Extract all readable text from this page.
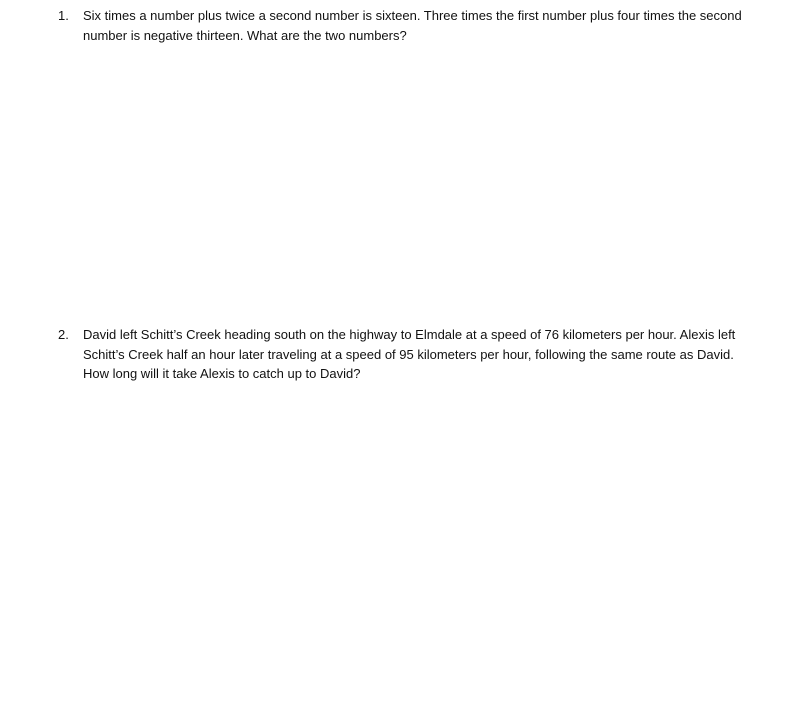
1.	Six times a number plus twice a second number is sixteen. Three times the first number plus four times the second number is negative thirteen. What are the two numbers?
2.	David left Schitt’s Creek heading south on the highway to Elmdale at a speed of 76 kilometers per hour. Alexis left Schitt’s Creek half an hour later traveling at a speed of 95 kilometers per hour, following the same route as David. How long will it take Alexis to catch up to David?
